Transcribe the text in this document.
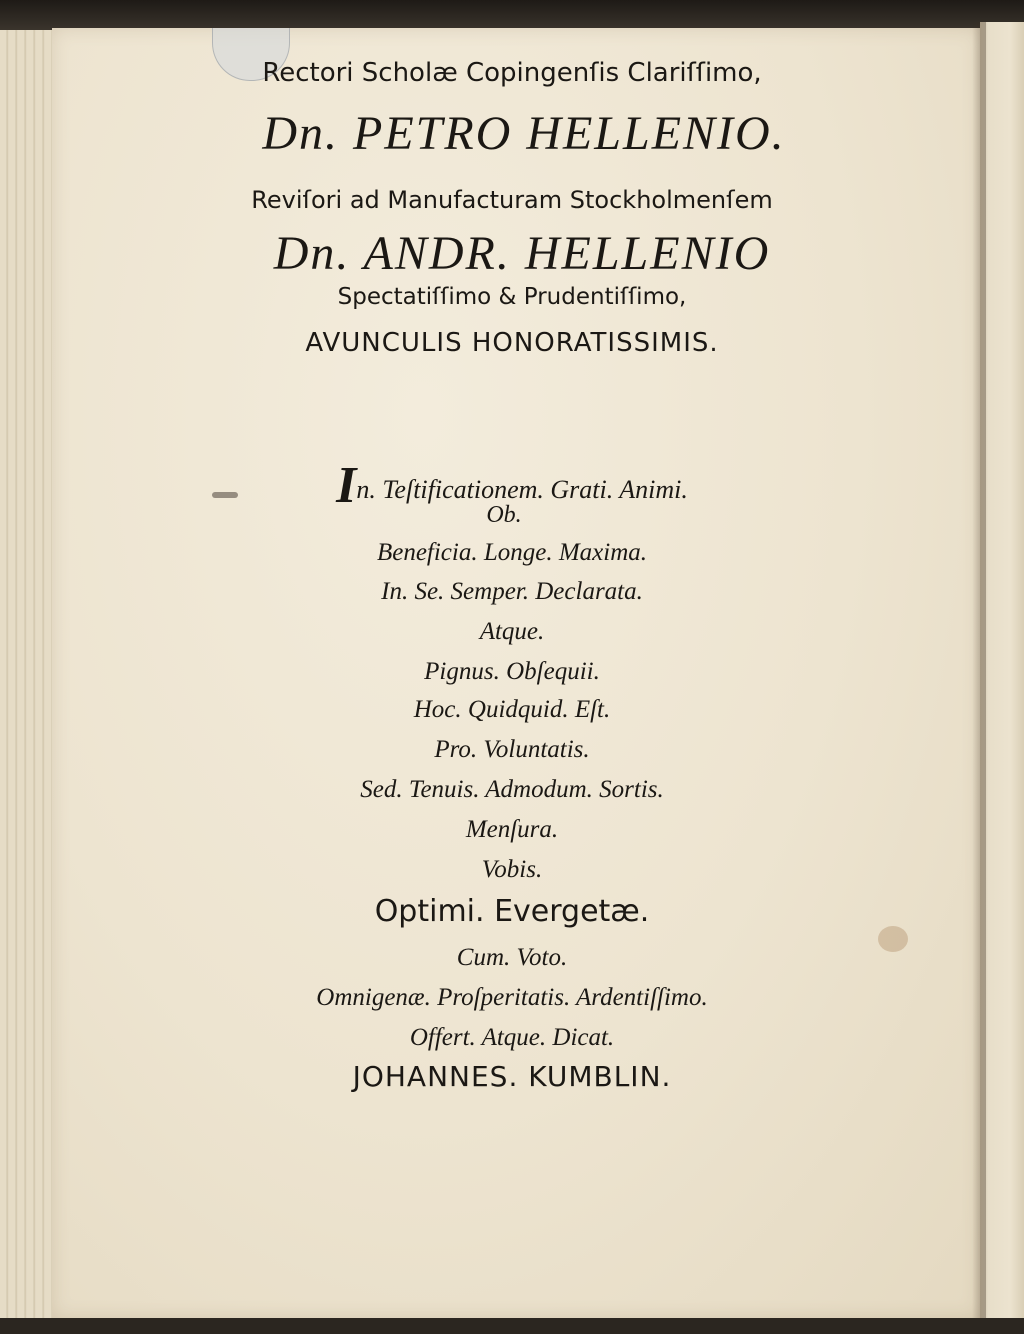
Rectori Scholæ Copingenſis Clariſſimo,
Dn. PETRO HELLENIO.
Reviſori ad Manufacturam Stockholmenſem
Dn. ANDR. HELLENIO
Spectatiſſimo & Prudentiſſimo,
AVUNCULIS HONORATISSIMIS.
In. Teſtificationem. Grati. Animi.
Ob.
Beneficia. Longe. Maxima.
In. Se. Semper. Declarata.
Atque.
Pignus. Obſequii.
Hoc. Quidquid. Eſt.
Pro. Voluntatis.
Sed. Tenuis. Admodum. Sortis.
Menſura.
Vobis.
Optimi. Evergetæ.
Cum. Voto.
Omnigenæ. Proſperitatis. Ardentiſſimo.
Offert. Atque. Dicat.
JOHANNES. KUMBLIN.
